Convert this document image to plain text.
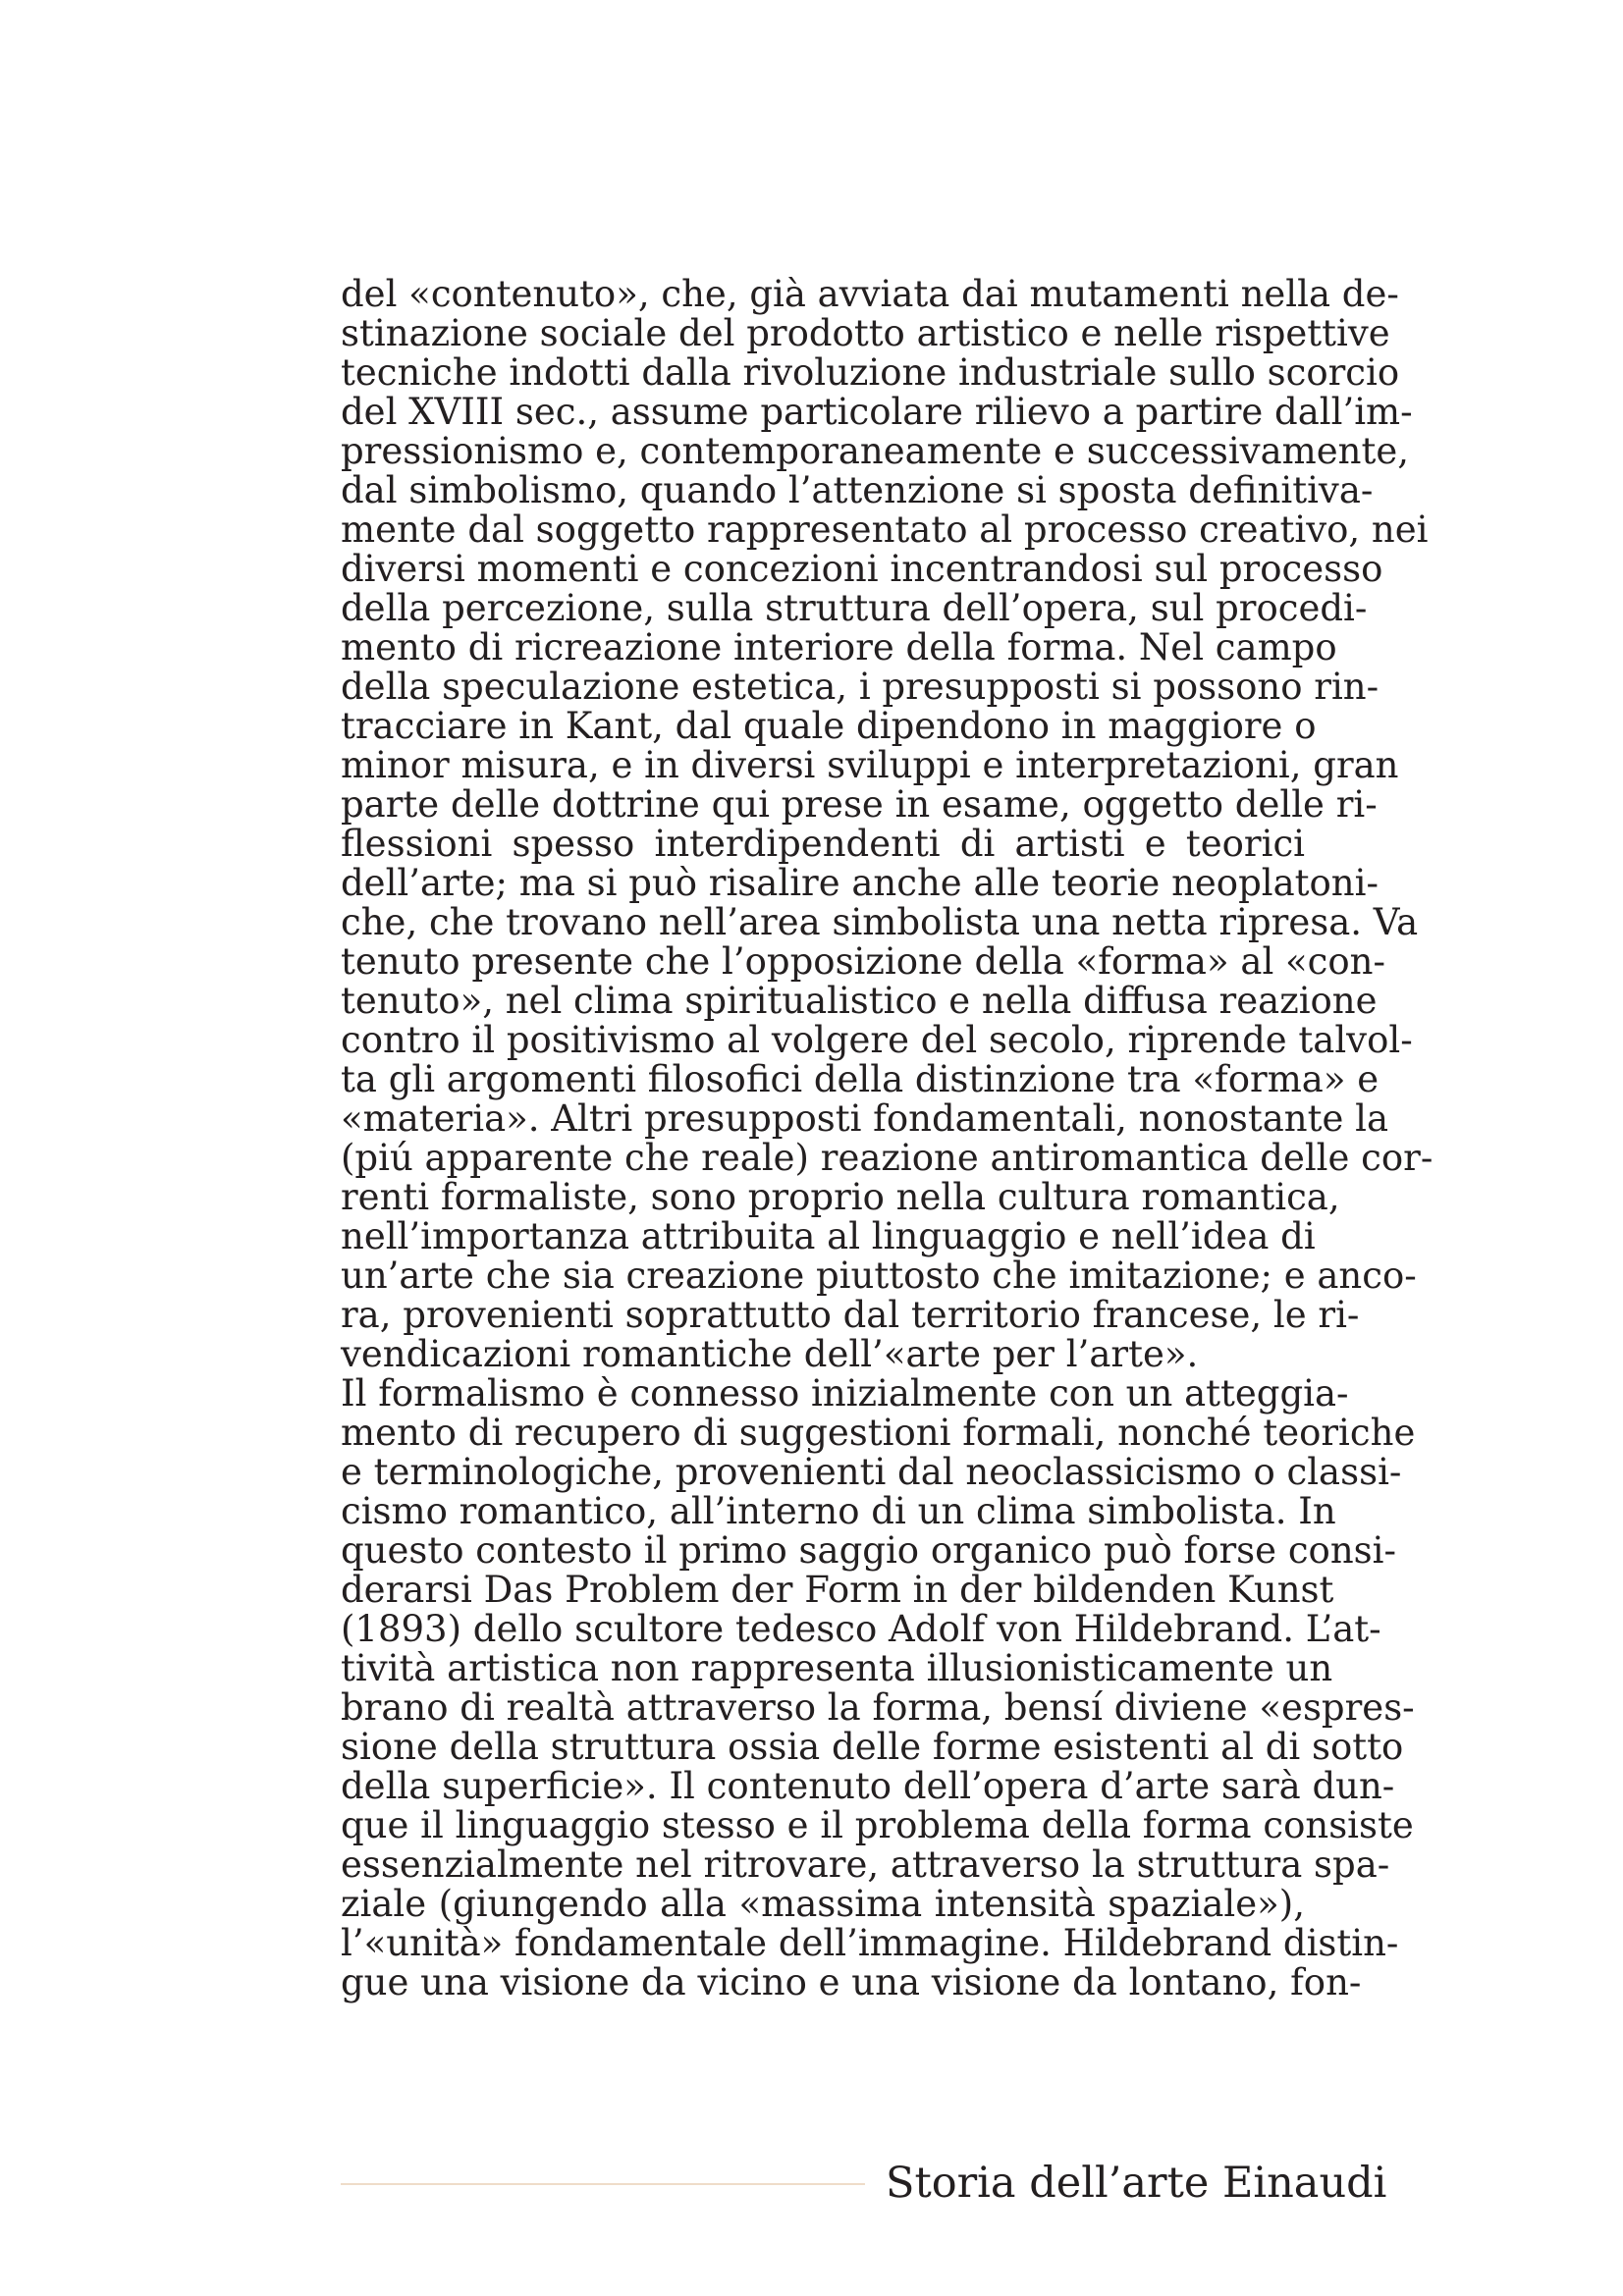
del «contenuto», che, già avviata dai mutamenti nella de-
stinazione sociale del prodotto artistico e nelle rispettive
tecniche indotti dalla rivoluzione industriale sullo scorcio
del XVIII sec., assume particolare rilievo a partire dall’im-
pressionismo e, contemporaneamente e successivamente,
dal simbolismo, quando l’attenzione si sposta definitiva-
mente dal soggetto rappresentato al processo creativo, nei
diversi momenti e concezioni incentrandosi sul processo
della percezione, sulla struttura dell’opera, sul procedi-
mento di ricreazione interiore della forma. Nel campo
della speculazione estetica, i presupposti si possono rin-
tracciare in Kant, dal quale dipendono in maggiore o
minor misura, e in diversi sviluppi e interpretazioni, gran
parte delle dottrine qui prese in esame, oggetto delle ri-
flessioni spesso interdipendenti di artisti e teorici
dell’arte; ma si può risalire anche alle teorie neoplatoni-
che, che trovano nell’area simbolista una netta ripresa. Va
tenuto presente che l’opposizione della «forma» al «con-
tenuto», nel clima spiritualistico e nella diffusa reazione
contro il positivismo al volgere del secolo, riprende talvol-
ta gli argomenti filosofici della distinzione tra «forma» e
«materia». Altri presupposti fondamentali, nonostante la
(piú apparente che reale) reazione antiromantica delle cor-
renti formaliste, sono proprio nella cultura romantica,
nell’importanza attribuita al linguaggio e nell’idea di
un’arte che sia creazione piuttosto che imitazione; e anco-
ra, provenienti soprattutto dal territorio francese, le ri-
vendicazioni romantiche dell’«arte per l’arte».
Il formalismo è connesso inizialmente con un atteggia-
mento di recupero di suggestioni formali, nonché teoriche
e terminologiche, provenienti dal neoclassicismo o classi-
cismo romantico, all’interno di un clima simbolista. In
questo contesto il primo saggio organico può forse consi-
derarsi Das Problem der Form in der bildenden Kunst
(1893) dello scultore tedesco Adolf von Hildebrand. L’at-
tività artistica non rappresenta illusionisticamente un
brano di realtà attraverso la forma, bensí diviene «espres-
sione della struttura ossia delle forme esistenti al di sotto
della superficie». Il contenuto dell’opera d’arte sarà dun-
que il linguaggio stesso e il problema della forma consiste
essenzialmente nel ritrovare, attraverso la struttura spa-
ziale (giungendo alla «massima intensità spaziale»),
l’«unità» fondamentale dell’immagine. Hildebrand distin-
gue una visione da vicino e una visione da lontano, fon-
Storia dell’arte Einaudi
